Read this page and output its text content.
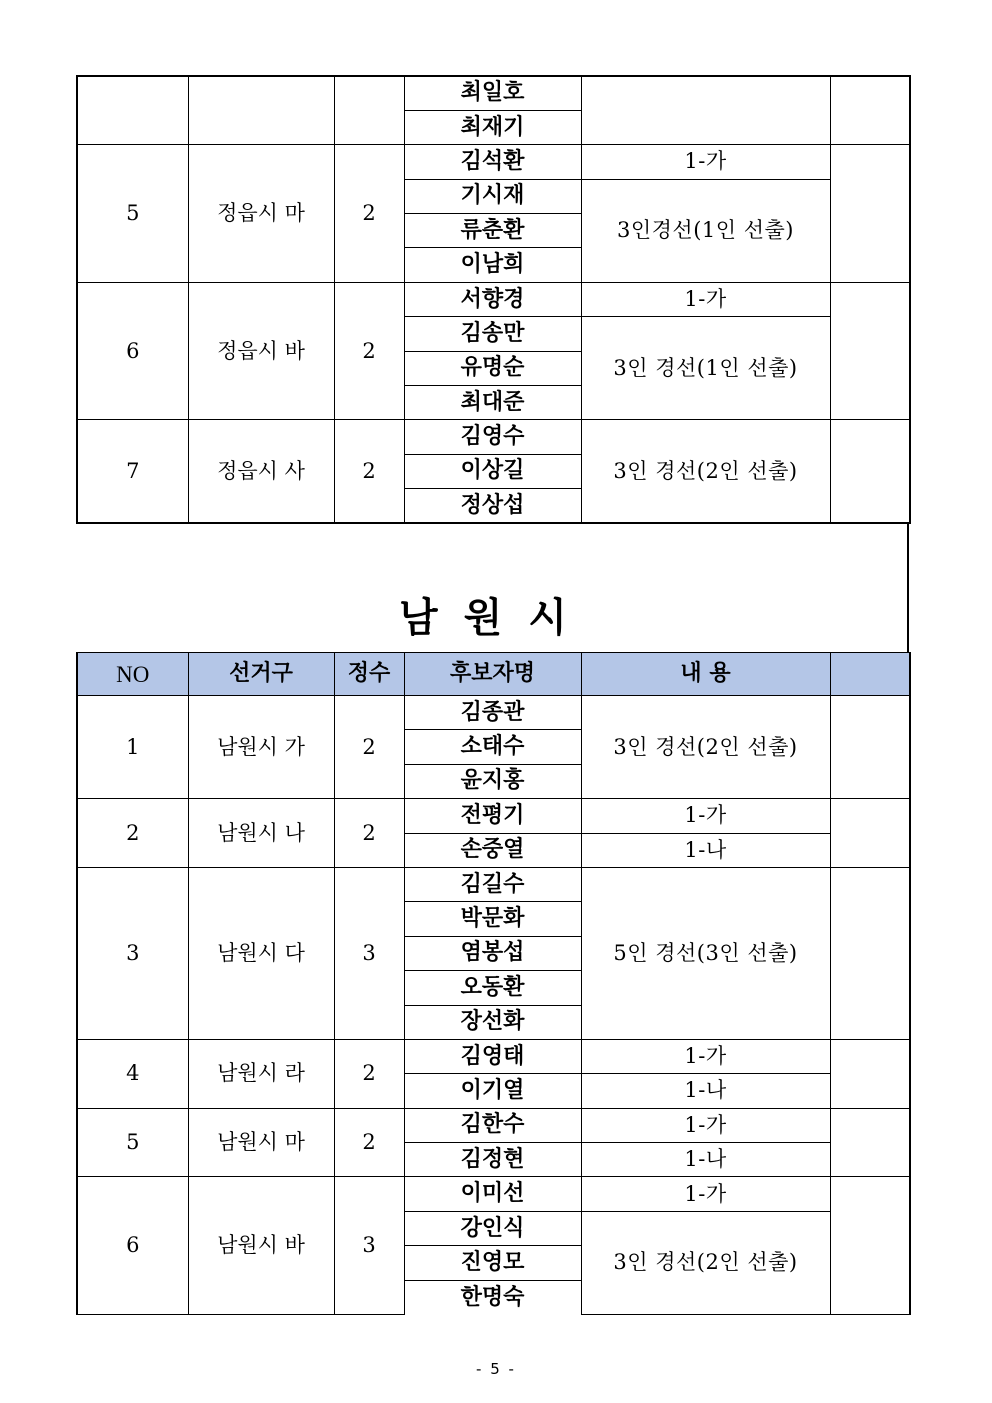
			최일호		
			최재기		
5	정읍시 마	2	김석환	1-가	
			기시재	3인경선(1인 선출)	
			류춘환		
			이남희		
6	정읍시 바	2	서향경	1-가	
			김송만	3인 경선(1인 선출)	
			유명순		
			최대준		
7	정읍시 사	2	김영수	3인 경선(2인 선출)	
			이상길		
			정상섭		
남원시
NO	선거구	정수	후보자명	내 용	
1	남원시 가	2	김종관	3인 경선(2인 선출)	
			소태수		
			윤지홍		
2	남원시 나	2	전평기	1-가	
			손중열	1-나	
3	남원시 다	3	김길수	5인 경선(3인 선출)	
			박문화		
			염봉섭		
			오동환		
			장선화		
4	남원시 라	2	김영태	1-가	
			이기열	1-나	
5	남원시 마	2	김한수	1-가	
			김정현	1-나	
6	남원시 바	3	이미선	1-가	
			강인식	3인 경선(2인 선출)	
			진영모		
			한명숙		
- 5 -
